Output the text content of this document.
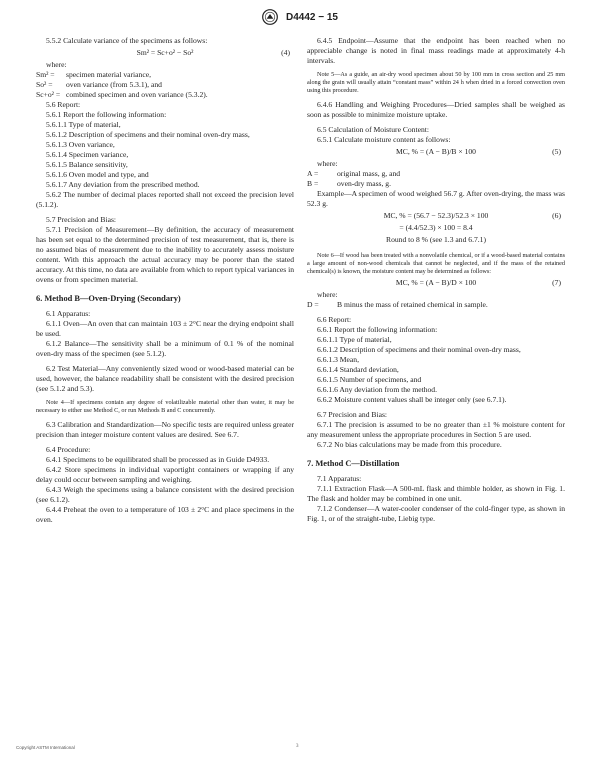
D4442 − 15

5.5.2 Calculate variance of the specimens as follows:

Sm² = Sc+o² − So²	(4)

where:

Sm² =	specimen material variance,
So² =	oven variance (from 5.3.1), and
Sc+o² = combined specimen and oven variance (5.3.2).

5.6 Report:

5.6.1 Report the following information:

5.6.1.1 Type of material,

5.6.1.2 Description of specimens and their nominal oven-dry mass,

5.6.1.3 Oven variance,

5.6.1.4 Specimen variance,

5.6.1.5 Balance sensitivity,

5.6.1.6 Oven model and type, and

5.6.1.7 Any deviation from the prescribed method.

5.6.2 The number of decimal places reported shall not exceed the precision level (5.1.2).

5.7 Precision and Bias:

5.7.1 Precision of Measurement—By definition, the accuracy of measurement has been set equal to the determined precision of test measurement, that is, there is no assumed bias of measurement due to the inability to accurately assess moisture content. With this approach the actual accuracy may be poorer than the stated accuracy. At this time, no data are available from which to report typical variances in ovens or from specimen material.

6. Method B—Oven-Drying (Secondary)

6.1 Apparatus:

6.1.1 Oven—An oven that can maintain 103 ± 2°C near the drying endpoint shall be used.

6.1.2 Balance—The sensitivity shall be a minimum of 0.1 % of the nominal oven-dry mass of the specimen (see 5.1.2).

6.2 Test Material—Any conveniently sized wood or wood-based material can be used, however, the balance readability shall be consistent with the desired precision (see 5.1.2 and 5.3).

Note 4—If specimens contain any degree of volatilizable material other than water, it may be necessary to either use Method C, or run Methods B and C concurrently.

6.3 Calibration and Standardization—No specific tests are required unless greater precision than integer moisture content values are desired. See 6.7.

6.4 Procedure:

6.4.1 Specimens to be equilibrated shall be processed as in Guide D4933.

6.4.2 Store specimens in individual vaportight containers or wrapping if any delay could occur between sampling and weighing.

6.4.3 Weigh the specimens using a balance consistent with the desired precision (see 6.1.2).

6.4.4 Preheat the oven to a temperature of 103 ± 2°C and place specimens in the oven.

6.4.5 Endpoint—Assume that the endpoint has been reached when no appreciable change is noted in final mass readings made at approximately 4-h intervals.

Note 5—As a guide, an air-dry wood specimen about 50 by 100 mm in cross section and 25 mm along the grain will usually attain “constant mass” within 24 h when dried in a forced convection oven using this procedure.

6.4.6 Handling and Weighing Procedures—Dried samples shall be weighed as soon as possible to minimize moisture uptake.

6.5 Calculation of Moisture Content:

6.5.1 Calculate moisture content as follows:

MC, % = (A − B)/B × 100	(5)

where:

A =	original mass, g, and
B =	oven-dry mass, g.

Example—A specimen of wood weighed 56.7 g. After oven-drying, the mass was 52.3 g.

MC, % = (56.7 − 52.3)/52.3 × 100	(6)
= (4.4/52.3) × 100 = 8.4
Round to 8 % (see 1.3 and 6.7.1)

Note 6—If wood has been treated with a nonvolatile chemical, or if a wood-based material contains a large amount of non-wood chemicals that cannot be neglected, and if the mass of the retained chemical(s) is known, the moisture content may be determined as follows:

MC, % = (A − B)/D × 100	(7)

where:

D =	B minus the mass of retained chemical in sample.

6.6 Report:

6.6.1 Report the following information:

6.6.1.1 Type of material,

6.6.1.2 Description of specimens and their nominal oven-dry mass,

6.6.1.3 Mean,

6.6.1.4 Standard deviation,

6.6.1.5 Number of specimens, and

6.6.1.6 Any deviation from the method.

6.6.2 Moisture content values shall be integer only (see 6.7.1).

6.7 Precision and Bias:

6.7.1 The precision is assumed to be no greater than ±1 % moisture content for any measurement unless the appropriate procedures in Section 5 are used.

6.7.2 No bias calculations may be made from this procedure.

7. Method C—Distillation

7.1 Apparatus:

7.1.1 Extraction Flask—A 500-mL flask and thimble holder, as shown in Fig. 1. The flask and holder may be combined in one unit.

7.1.2 Condenser—A water-cooler condenser of the cold-finger type, as shown in Fig. 1, or of the straight-tube, Liebig type.

Copyright ASTM International	3
